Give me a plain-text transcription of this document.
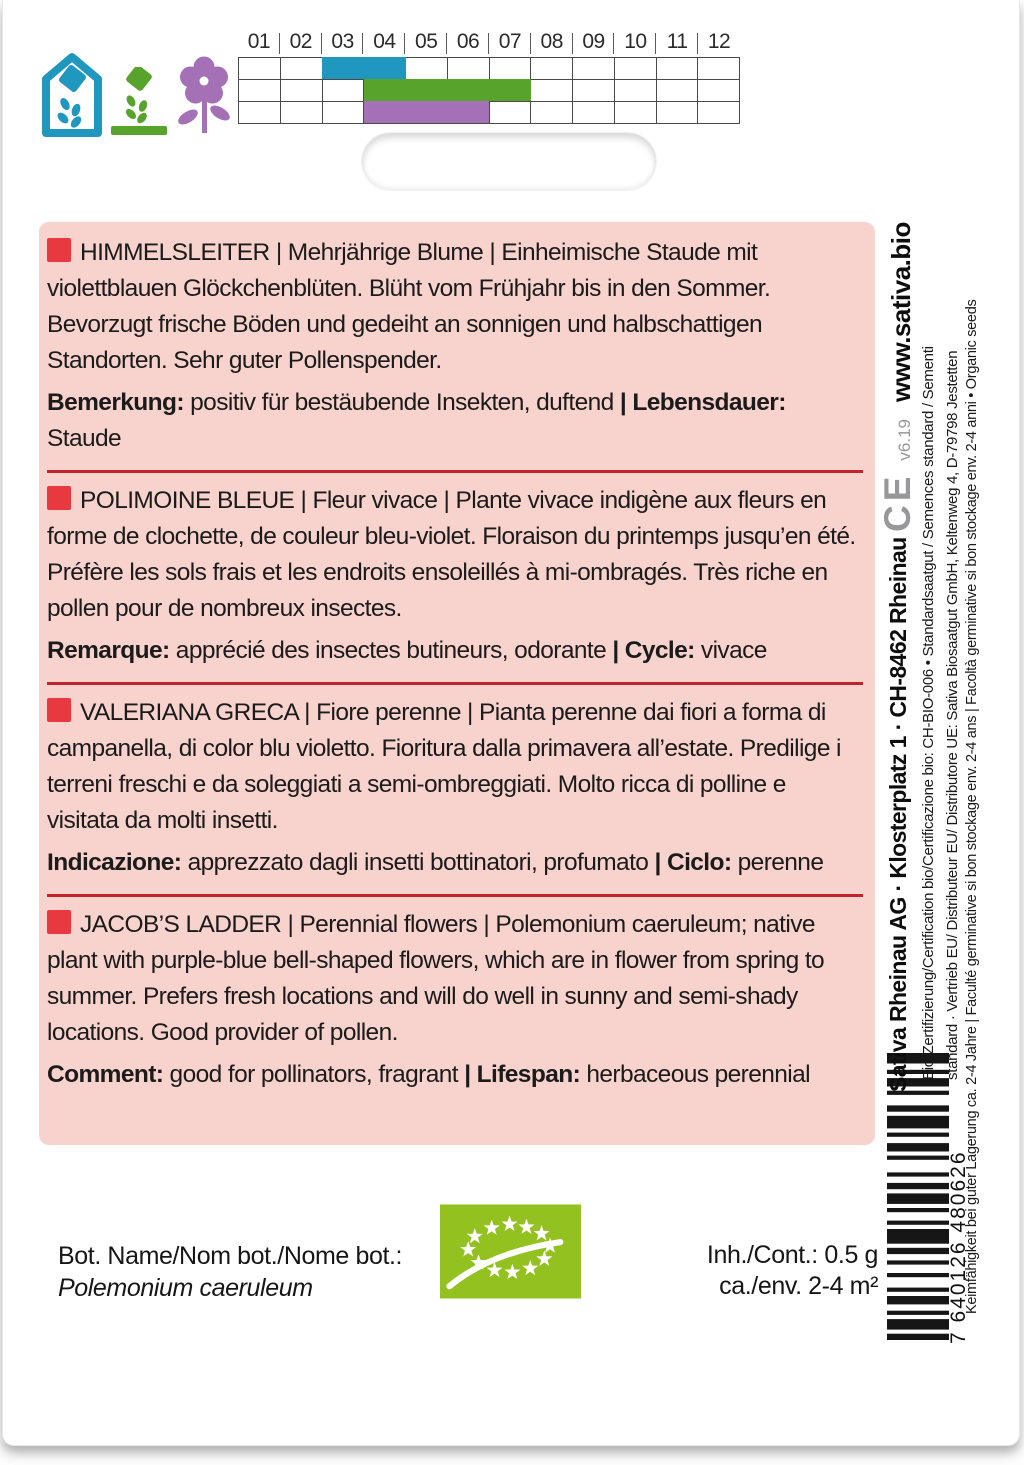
01 02 03 04 05 06 07 08 09 10 11 12

HIMMELSLEITER | Mehrjährige Blume | Einheimische Staude mit violettblauen Glöckchenblüten. Blüht vom Frühjahr bis in den Sommer. Bevorzugt frische Böden und gedeiht an sonnigen und halbschattigen Standorten. Sehr guter Pollenspender.

Bemerkung: positiv für bestäubende Insekten, duftend | Lebensdauer: Staude

POLIMOINE BLEUE | Fleur vivace | Plante vivace indigène aux fleurs en forme de clochette, de couleur bleu-violet. Floraison du printemps jusqu’en été. Préfère les sols frais et les endroits ensoleillés à mi-ombragés. Très riche en pollen pour de nombreux insectes.

Remarque: apprécié des insectes butineurs, odorante | Cycle: vivace

VALERIANA GRECA | Fiore perenne | Pianta perenne dai fiori a forma di campanella, di color blu violetto. Fioritura dalla primavera all’estate. Predilige i terreni freschi e da soleggiati a semi-ombreggiati. Molto ricca di polline e visitata da molti insetti.

Indicazione: apprezzato dagli insetti bottinatori, profumato | Ciclo: perenne

JACOB’S LADDER | Perennial flowers | Polemonium caeruleum; native plant with purple-blue bell-shaped flowers, which are in flower from spring to summer. Prefers fresh locations and will do well in sunny and semi-shady locations. Good provider of pollen.

Comment: good for pollinators, fragrant | Lifespan: herbaceous perennial

Bot. Name/Nom bot./Nome bot.:
Polemonium caeruleum
Inh./Cont.: 0.5 g
ca./env. 2-4 m²	7 640126 480626
www.sativa.bio
CEv6.19
Sativa Rheinau AG · Klosterplatz 1 · CH-8462 Rheinau Bio-Zertifizierung/Certification bio/Certificazione bio: CH-BIO-006 • Standardsaatgut / Semences standard / Sementi standard · Vertrieb EU/ Distributeur EU/ Distributore UE: Sativa Biosaatgut GmbH, Keltenweg 4, D-79798 Jestetten Keimfähigkeit bei guter Lagerung ca. 2-4 Jahre | Faculté germinative si bon stockage env. 2-4 ans | Facoltà germinative si bon stockage env. 2-4 anni • Organic seeds
